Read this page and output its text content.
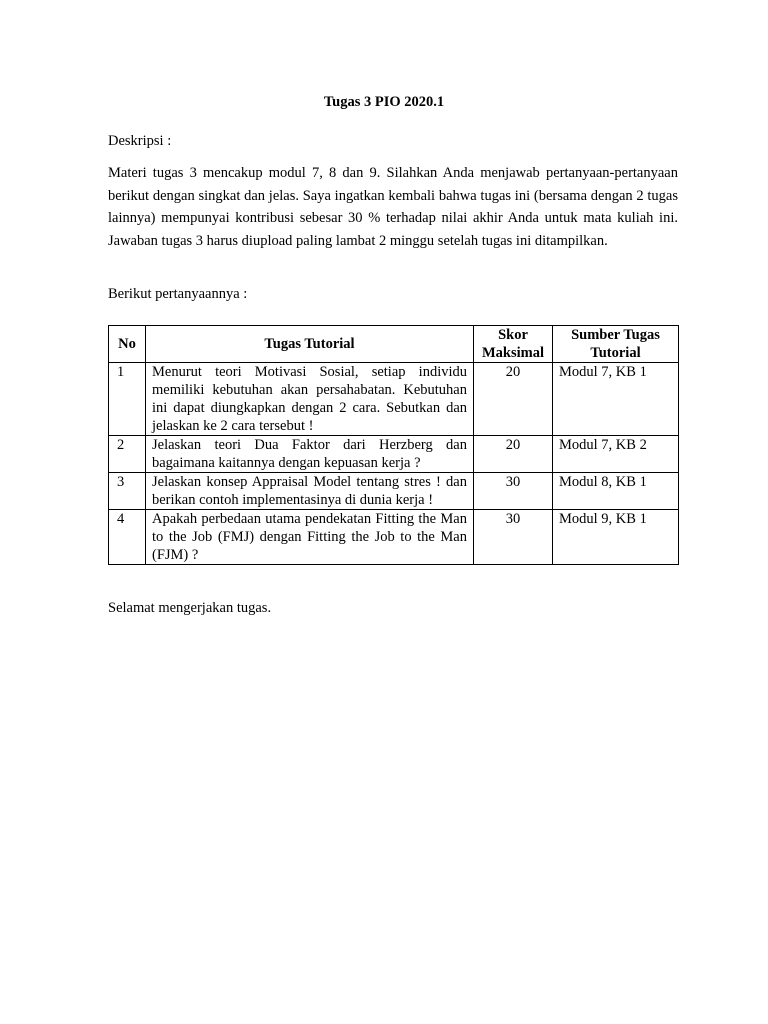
Tugas 3 PIO 2020.1
Deskripsi :
Materi tugas 3 mencakup modul 7, 8 dan 9. Silahkan Anda menjawab pertanyaan-pertanyaan berikut dengan singkat dan jelas. Saya ingatkan kembali bahwa tugas ini (bersama dengan 2 tugas lainnya) mempunyai kontribusi sebesar 30 % terhadap nilai akhir Anda untuk mata kuliah ini. Jawaban tugas 3 harus diupload paling lambat 2 minggu setelah tugas ini ditampilkan.
Berikut pertanyaannya :
No	Tugas Tutorial	Skor Maksimal	Sumber Tugas Tutorial
1	Menurut teori Motivasi Sosial, setiap individu memiliki kebutuhan akan persahabatan. Kebutuhan ini dapat diungkapkan dengan 2 cara. Sebutkan dan jelaskan ke 2 cara tersebut !	20	Modul 7, KB 1
2	Jelaskan teori Dua Faktor dari Herzberg dan bagaimana kaitannya dengan kepuasan kerja ?	20	Modul 7, KB 2
3	Jelaskan konsep Appraisal Model tentang stres ! dan berikan contoh implementasinya di dunia kerja !	30	Modul 8, KB 1
4	Apakah perbedaan utama pendekatan Fitting the Man to the Job (FMJ) dengan Fitting the Job to the Man (FJM) ?	30	Modul 9, KB 1
Selamat mengerjakan tugas.
